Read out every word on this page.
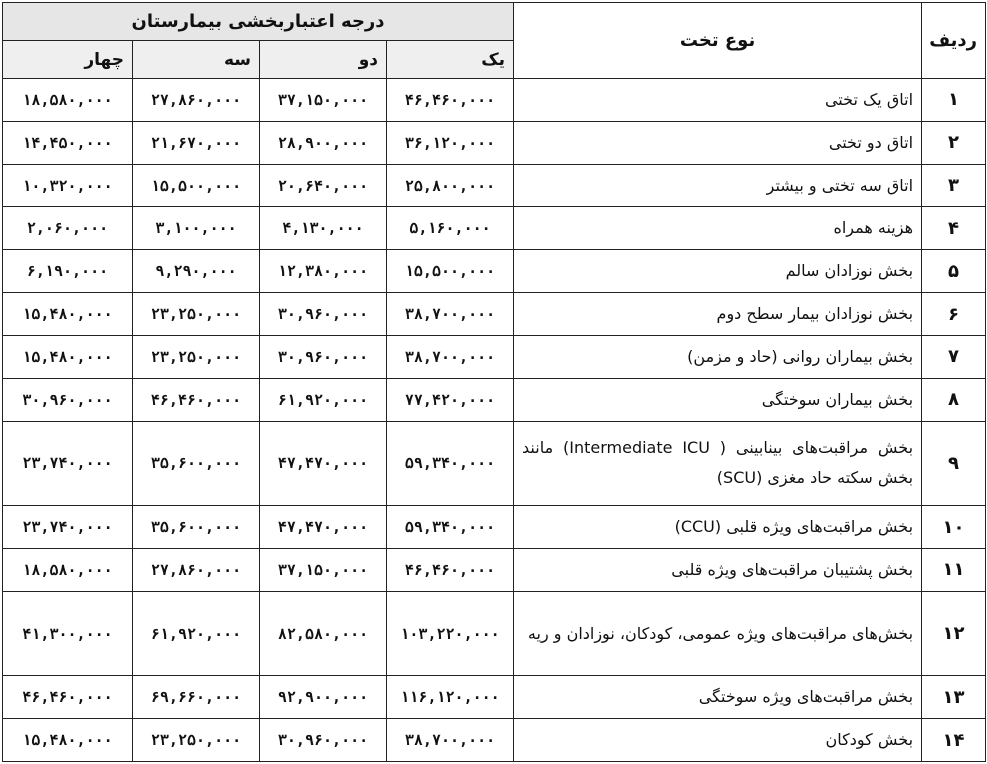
ردیف	نوع تخت	درجه اعتباربخشی بیمارستان			
		یک	دو	سه	چهار
۱	اتاق یک تختی	۴۶,۴۶۰,۰۰۰	۳۷,۱۵۰,۰۰۰	۲۷,۸۶۰,۰۰۰	۱۸,۵۸۰,۰۰۰
۲	اتاق دو تختی	۳۶,۱۲۰,۰۰۰	۲۸,۹۰۰,۰۰۰	۲۱,۶۷۰,۰۰۰	۱۴,۴۵۰,۰۰۰
۳	اتاق سه تختی و بیشتر	۲۵,۸۰۰,۰۰۰	۲۰,۶۴۰,۰۰۰	۱۵,۵۰۰,۰۰۰	۱۰,۳۲۰,۰۰۰
۴	هزینه همراه	۵,۱۶۰,۰۰۰	۴,۱۳۰,۰۰۰	۳,۱۰۰,۰۰۰	۲,۰۶۰,۰۰۰
۵	بخش نوزادان سالم	۱۵,۵۰۰,۰۰۰	۱۲,۳۸۰,۰۰۰	۹,۲۹۰,۰۰۰	۶,۱۹۰,۰۰۰
۶	بخش نوزادان بیمار سطح دوم	۳۸,۷۰۰,۰۰۰	۳۰,۹۶۰,۰۰۰	۲۳,۲۵۰,۰۰۰	۱۵,۴۸۰,۰۰۰
۷	بخش بیماران روانی (حاد و مزمن)	۳۸,۷۰۰,۰۰۰	۳۰,۹۶۰,۰۰۰	۲۳,۲۵۰,۰۰۰	۱۵,۴۸۰,۰۰۰
۸	بخش بیماران سوختگی	۷۷,۴۲۰,۰۰۰	۶۱,۹۲۰,۰۰۰	۴۶,۴۶۰,۰۰۰	۳۰,۹۶۰,۰۰۰
۹	بخش مراقبت‌های بینابینی ( Intermediate ICU) مانند بخش سکته حاد مغزی (SCU)	۵۹,۳۴۰,۰۰۰	۴۷,۴۷۰,۰۰۰	۳۵,۶۰۰,۰۰۰	۲۳,۷۴۰,۰۰۰
۱۰	بخش مراقبت‌های ویژه قلبی (CCU)	۵۹,۳۴۰,۰۰۰	۴۷,۴۷۰,۰۰۰	۳۵,۶۰۰,۰۰۰	۲۳,۷۴۰,۰۰۰
۱۱	بخش پشتیبان مراقبت‌های ویژه قلبی	۴۶,۴۶۰,۰۰۰	۳۷,۱۵۰,۰۰۰	۲۷,۸۶۰,۰۰۰	۱۸,۵۸۰,۰۰۰
۱۲	بخش‌های مراقبت‌های ویژه عمومی، کودکان، نوزادان و ریه	۱۰۳,۲۲۰,۰۰۰	۸۲,۵۸۰,۰۰۰	۶۱,۹۲۰,۰۰۰	۴۱,۳۰۰,۰۰۰
۱۳	بخش مراقبت‌های ویژه سوختگی	۱۱۶,۱۲۰,۰۰۰	۹۲,۹۰۰,۰۰۰	۶۹,۶۶۰,۰۰۰	۴۶,۴۶۰,۰۰۰
۱۴	بخش کودکان	۳۸,۷۰۰,۰۰۰	۳۰,۹۶۰,۰۰۰	۲۳,۲۵۰,۰۰۰	۱۵,۴۸۰,۰۰۰
